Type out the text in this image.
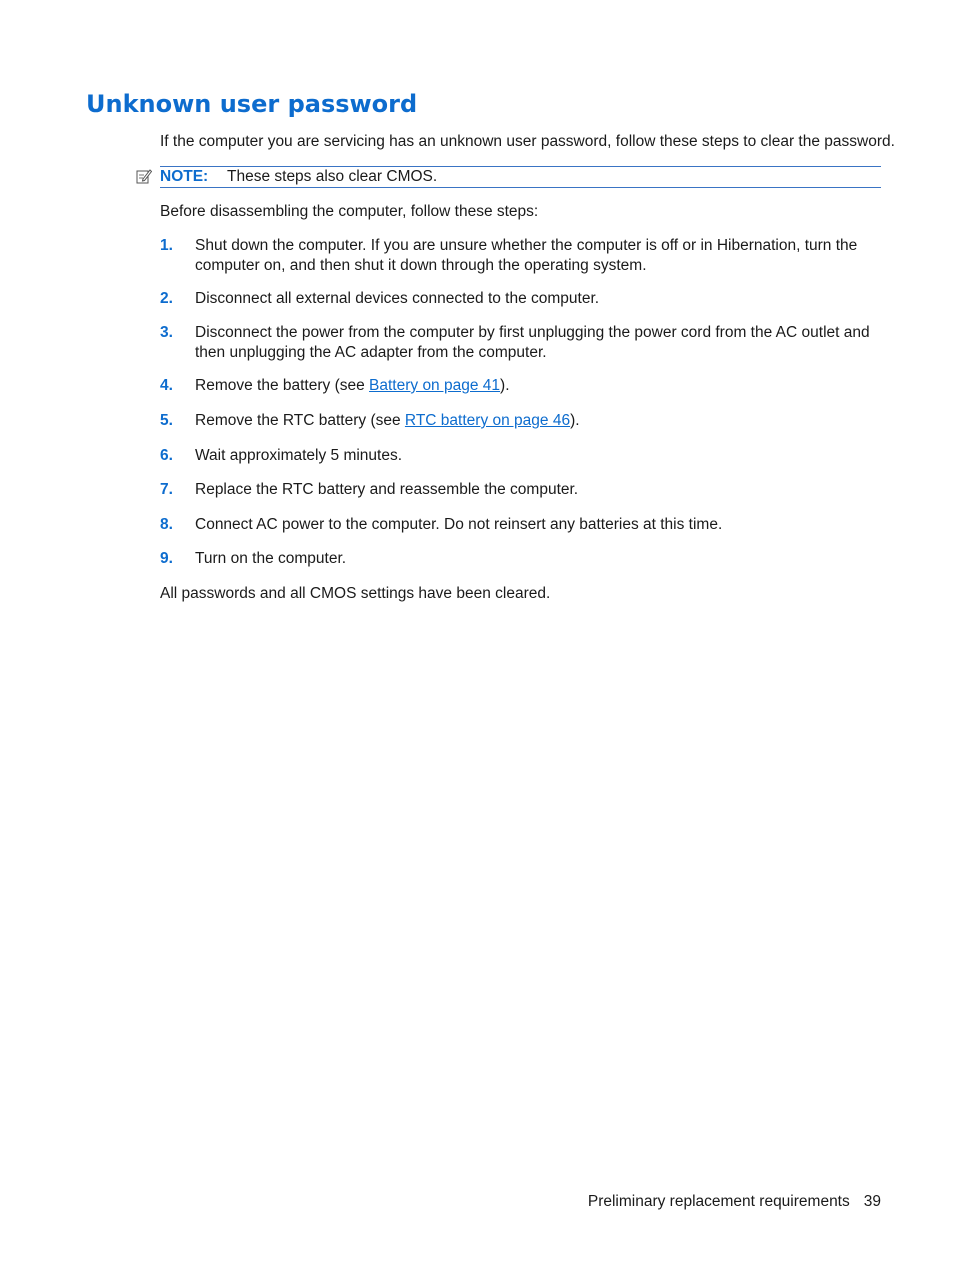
Unknown user password
If the computer you are servicing has an unknown user password, follow these steps to clear the password.
NOTE: These steps also clear CMOS.
Before disassembling the computer, follow these steps:
1. Shut down the computer. If you are unsure whether the computer is off or in Hibernation, turn the computer on, and then shut it down through the operating system.
2. Disconnect all external devices connected to the computer.
3. Disconnect the power from the computer by first unplugging the power cord from the AC outlet and then unplugging the AC adapter from the computer.
4. Remove the battery (see Battery on page 41).
5. Remove the RTC battery (see RTC battery on page 46).
6. Wait approximately 5 minutes.
7. Replace the RTC battery and reassemble the computer.
8. Connect AC power to the computer. Do not reinsert any batteries at this time.
9. Turn on the computer.
All passwords and all CMOS settings have been cleared.
Preliminary replacement requirements 39
